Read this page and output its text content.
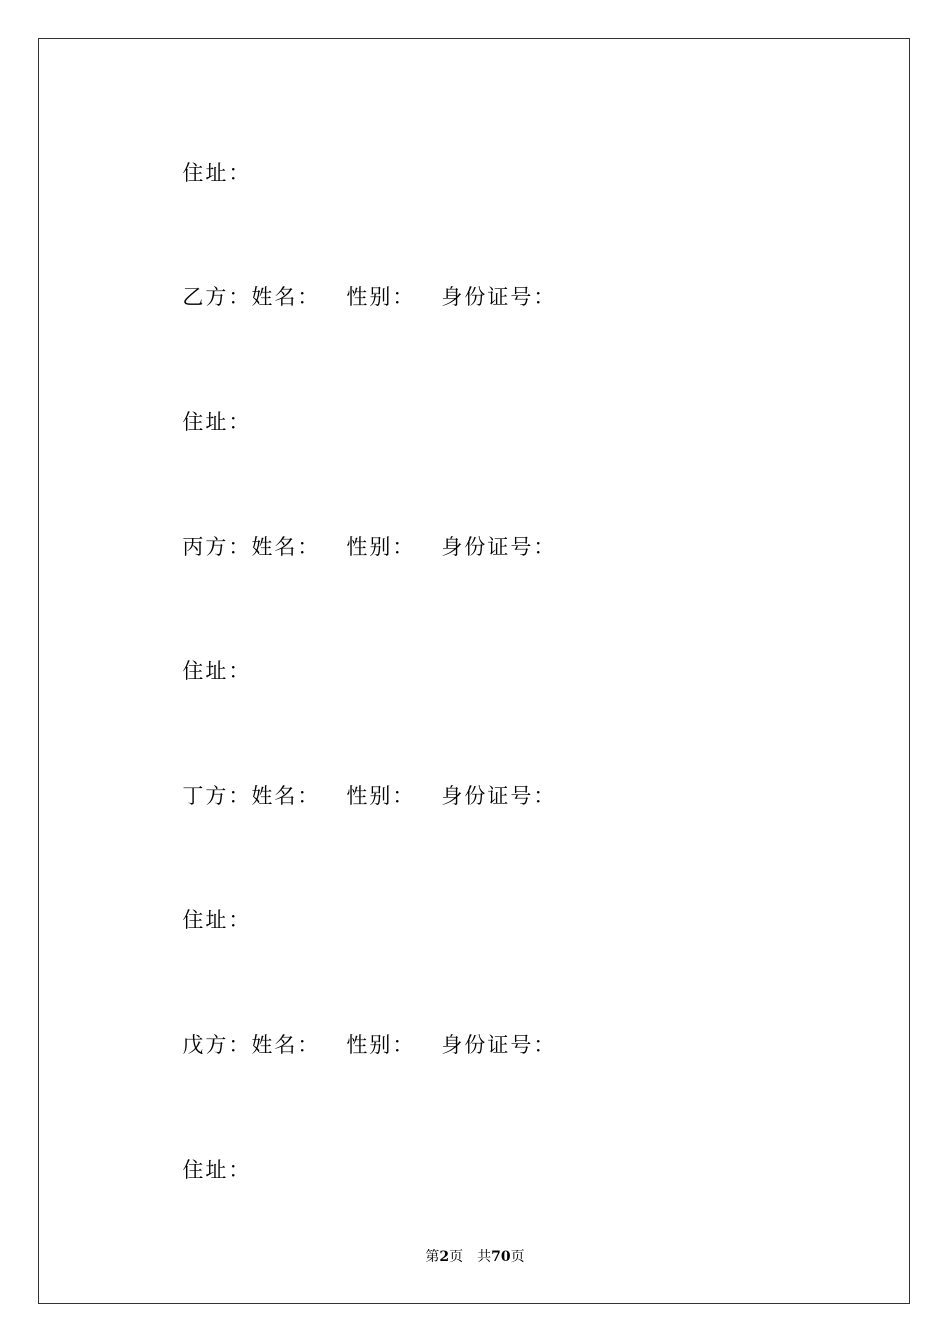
住址：

乙方：姓名： 性别： 身份证号：

住址：

丙方：姓名： 性别： 身份证号：

住址：

丁方：姓名： 性别： 身份证号：

住址：

戊方：姓名： 性别： 身份证号：

住址：

第2页 共70页
